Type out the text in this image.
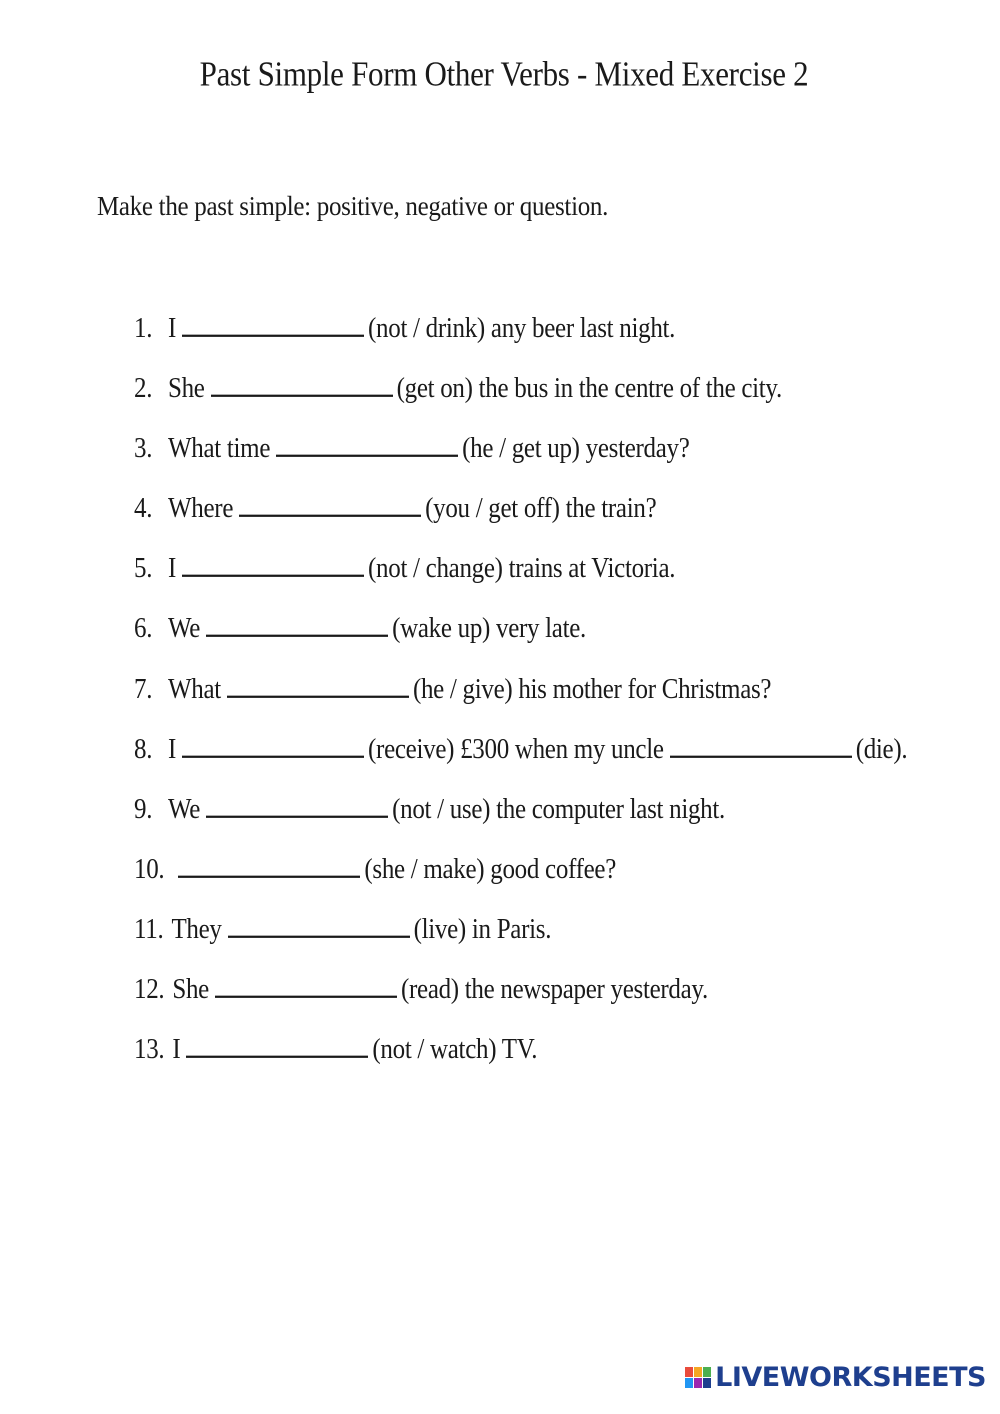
Past Simple Form Other Verbs - Mixed Exercise 2
Make the past simple: positive, negative or question.
1. I	(not / drink) any beer last night.
2. She	(get on) the bus in the centre of the city.
3. What time	(he / get up) yesterday?
4. Where	(you / get off) the train?
5. I	(not / change) trains at Victoria.
6. We	(wake up) very late.
7. What	(he / give) his mother for Christmas?
8. I	(receive) £300 when my uncle	(die).
9. We	(not / use) the computer last night.
10.	(she / make) good coffee?
11. They	(live) in Paris.
12. She	(read) the newspaper yesterday.
13. I	(not / watch) TV.
LIVEWORKSHEETS
